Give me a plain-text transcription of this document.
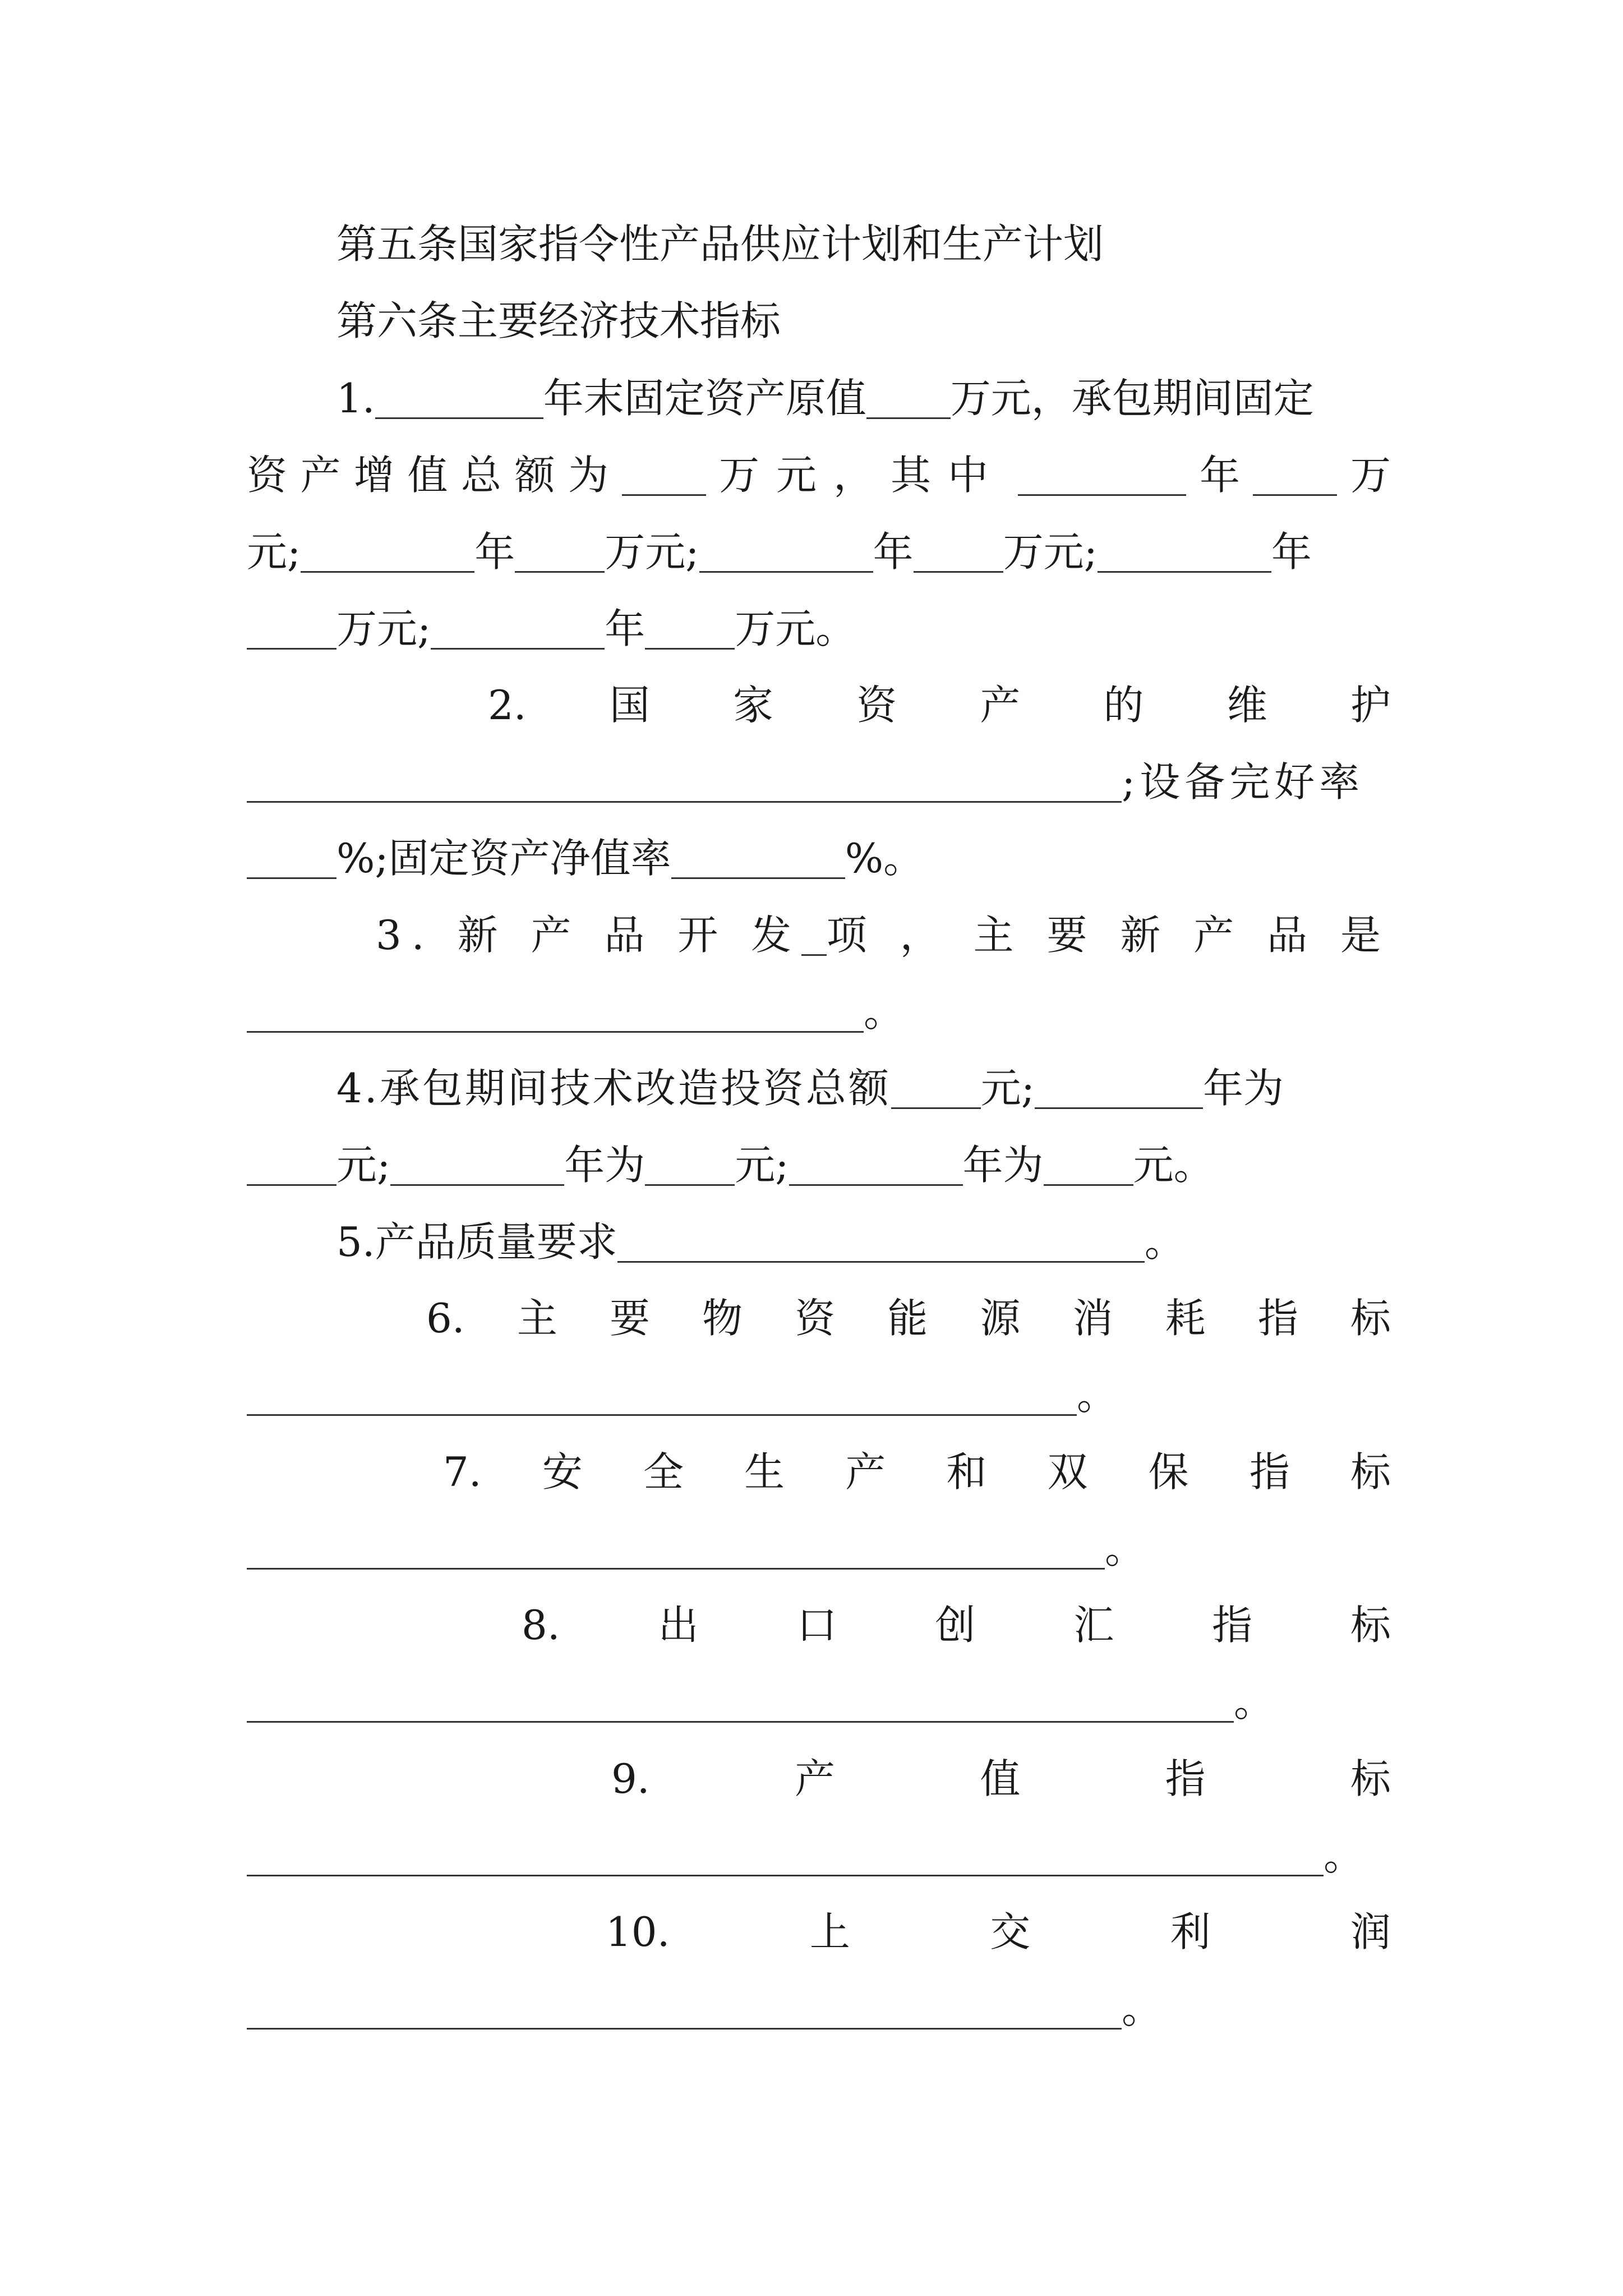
第五条国家指令性产品供应计划和生产计划
第六条主要经济技术指标
1.	年末固定资产原值 万元，承包期间固定
资 产 增 值 总 额 为	万元，其中	年	万
元;	年 万元;	年 万元;	年
万元;	年 万元。
2. 国 家 资 产 的 维 护
;设备完好率
%;固定资产净值率	%。
3. 新 产 品 开 发 项 ， 主 要 新 产 品 是
。
4.承包期间技术改造投资总额 元;	年为
元;	年为 元;	年为 元。
5.产品质量要求	。
6. 主 要 物 资 能 源 消 耗 指 标
。
7. 安 全 生 产 和 双 保 指 标
。
8. 出 口 创 汇 指 标
。
9.	产	值	指	标
。
10.	上	交	利	润
。
